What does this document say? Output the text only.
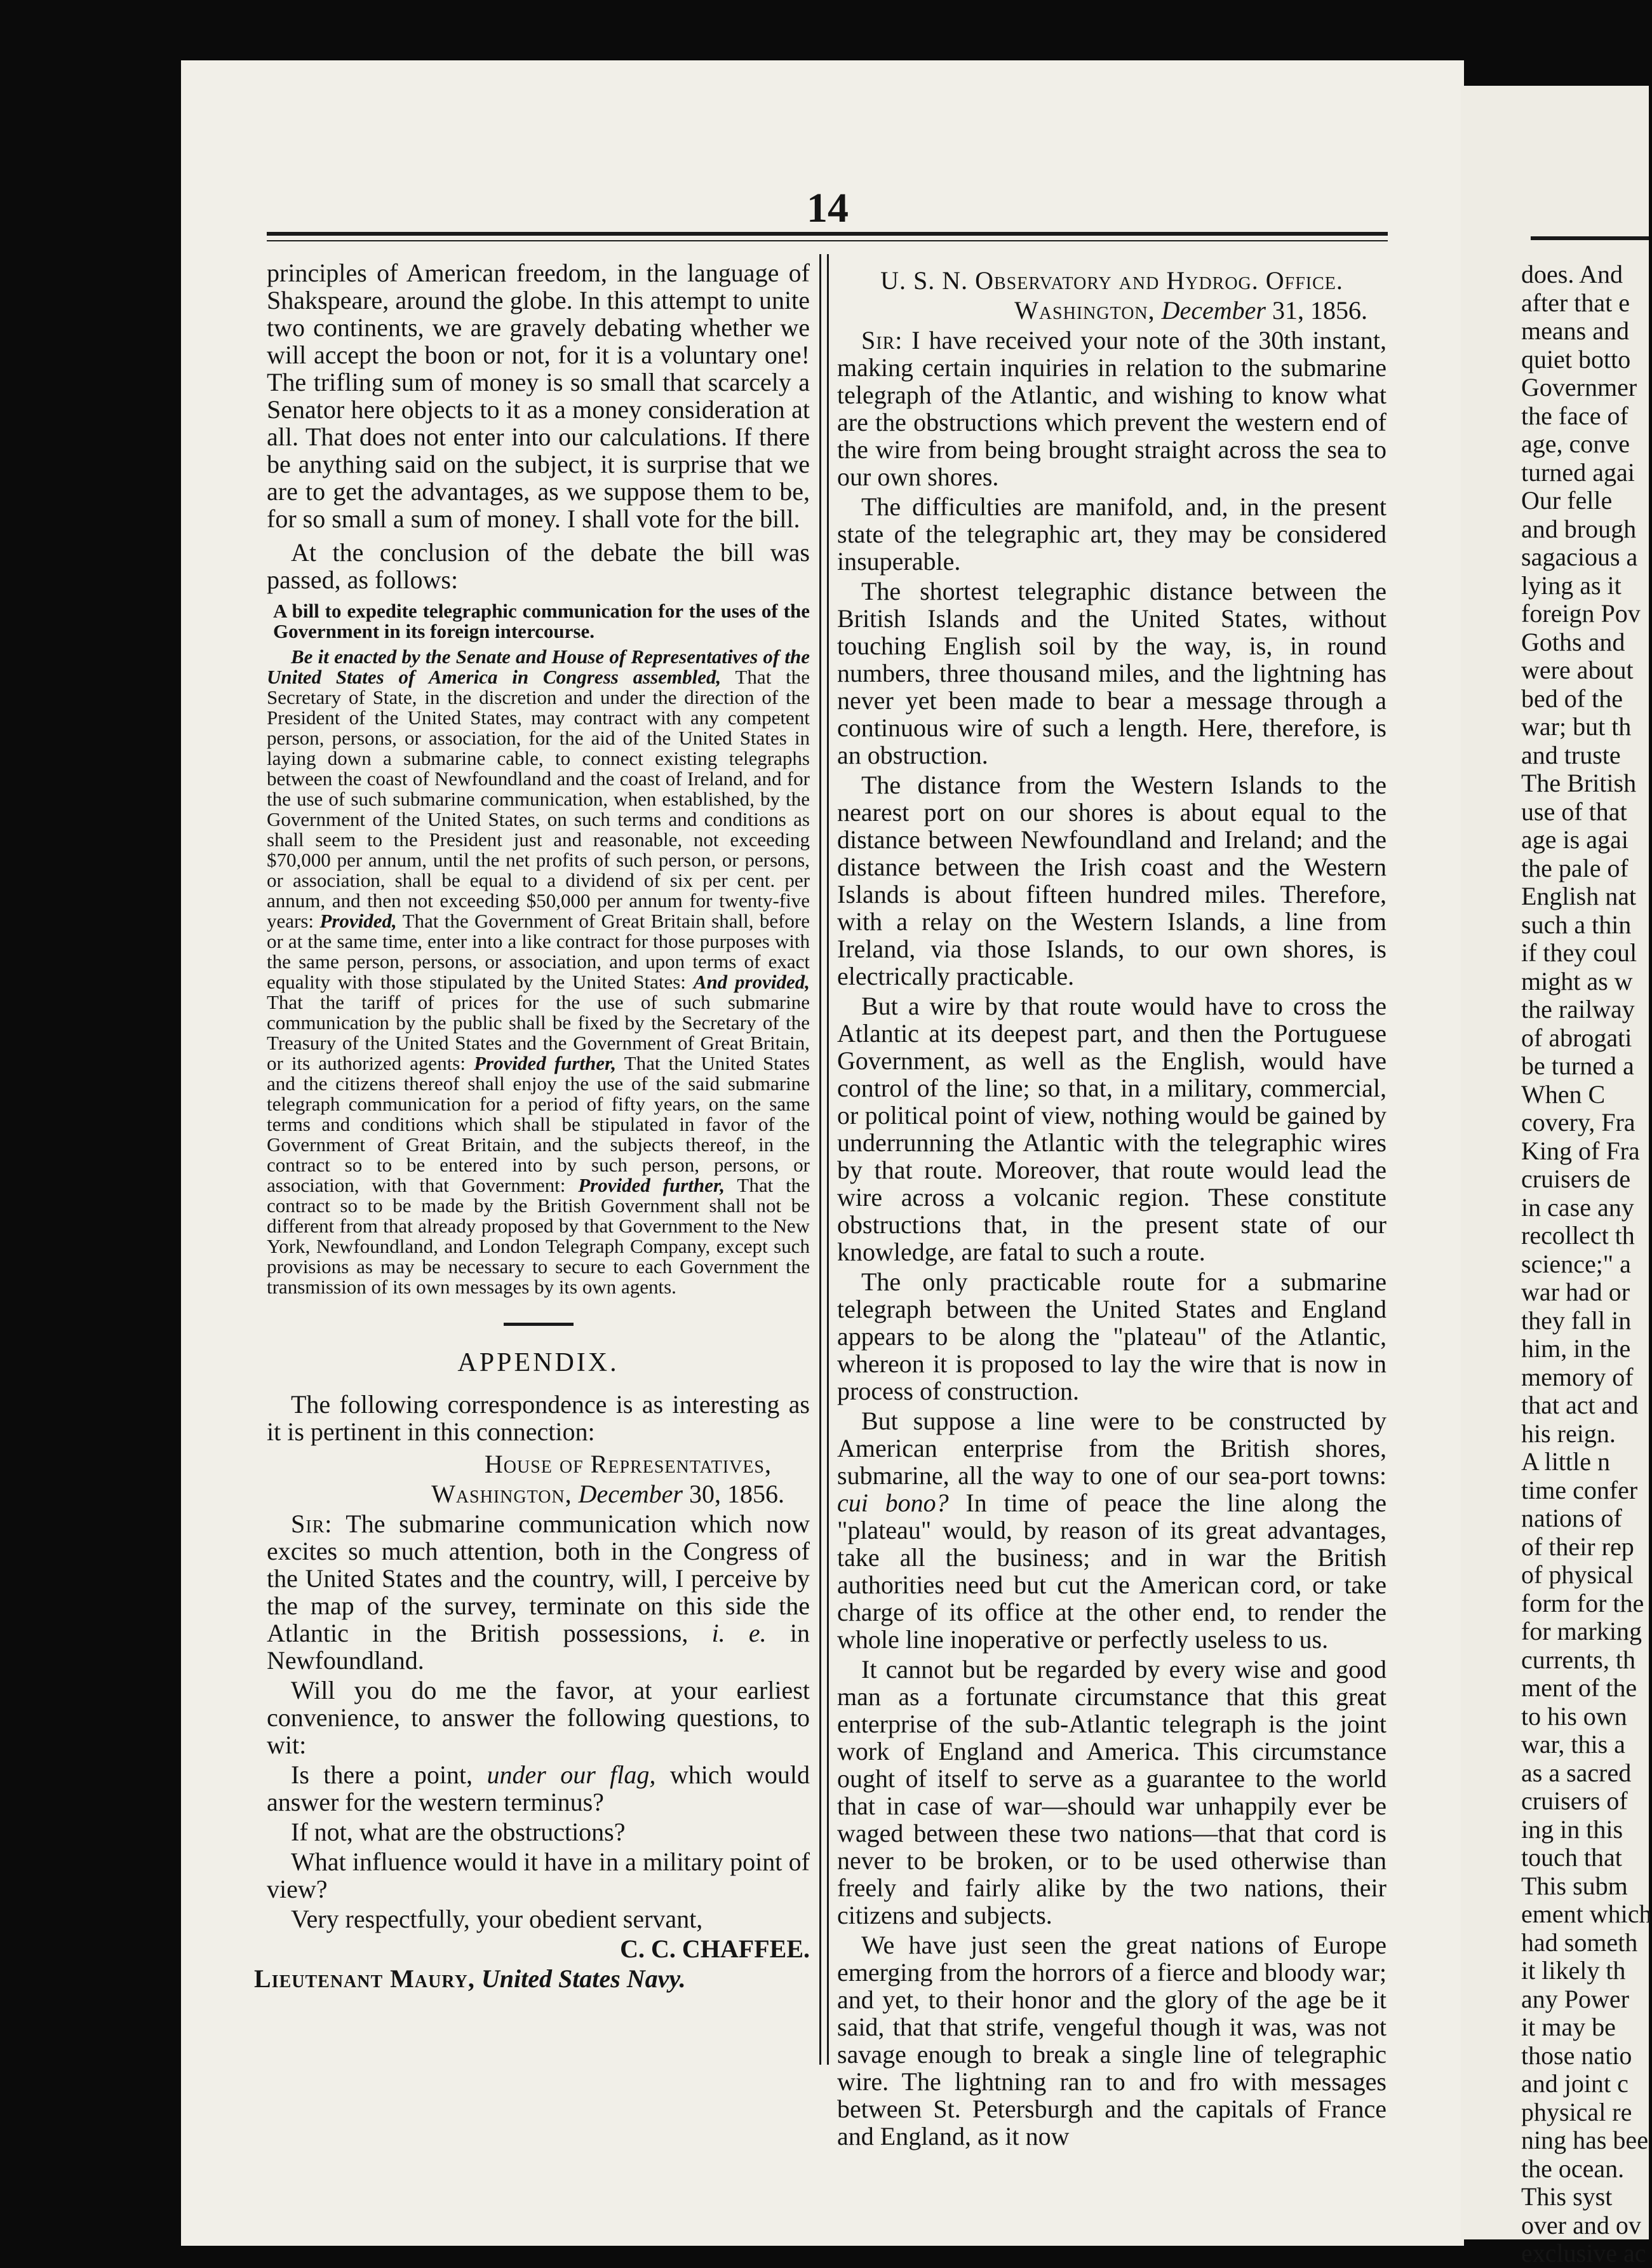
does. And

after that e

means and

quiet botto

Governmer

the face of

age, conve

turned agai

Our felle

and brough

sagacious a

lying as it

foreign Pov

Goths and

were about

bed of the

war; but th

and truste

The British

use of that

age is agai

the pale of

English nat

such a thin

if they coul

might as w

the railway

of abrogati

be turned a

When C

covery, Fra

King of Fra

cruisers de

in case any

recollect th

science;" a

war had or

they fall in

him, in the

memory of

that act and

his reign.

A little n

time confer

nations of

of their rep

of physical

form for the

for marking

currents, th

ment of the

to his own

war, this a

as a sacred

cruisers of

ing in this

touch that

This subm

ement which

had someth

it likely th

any Power

it may be

those natio

and joint c

physical re

ning has bee

the ocean.

This syst

over and ov

exclusive ac

14

principles of American freedom, in the language of Shakspeare, around the globe. In this attempt to unite two continents, we are gravely debating whether we will accept the boon or not, for it is a voluntary one! The trifling sum of money is so small that scarcely a Senator here objects to it as a money consideration at all. That does not enter into our calculations. If there be anything said on the subject, it is surprise that we are to get the advantages, as we suppose them to be, for so small a sum of money. I shall vote for the bill.

At the conclusion of the debate the bill was passed, as follows:

A bill to expedite telegraphic communication for the uses of the Government in its foreign intercourse.

Be it enacted by the Senate and House of Representatives of the United States of America in Congress assembled, That the Secretary of State, in the discretion and under the direction of the President of the United States, may contract with any competent person, persons, or association, for the aid of the United States in laying down a submarine cable, to connect existing telegraphs between the coast of Newfoundland and the coast of Ireland, and for the use of such submarine communication, when established, by the Government of the United States, on such terms and conditions as shall seem to the President just and reasonable, not exceeding $70,000 per annum, until the net profits of such person, or persons, or association, shall be equal to a dividend of six per cent. per annum, and then not exceeding $50,000 per annum for twenty-five years: Provided, That the Government of Great Britain shall, before or at the same time, enter into a like contract for those purposes with the same person, persons, or association, and upon terms of exact equality with those stipulated by the United States: And provided, That the tariff of prices for the use of such submarine communication by the public shall be fixed by the Secretary of the Treasury of the United States and the Government of Great Britain, or its authorized agents: Provided further, That the United States and the citizens thereof shall enjoy the use of the said submarine telegraph communication for a period of fifty years, on the same terms and conditions which shall be stipulated in favor of the Government of Great Britain, and the subjects thereof, in the contract so to be entered into by such person, persons, or association, with that Government: Provided further, That the contract so to be made by the British Government shall not be different from that already proposed by that Government to the New York, Newfoundland, and London Telegraph Company, except such provisions as may be necessary to secure to each Government the transmission of its own messages by its own agents.

APPENDIX.

The following correspondence is as interesting as it is pertinent in this connection:

House of Representatives,

Washington, December 30, 1856.

Sir: The submarine communication which now excites so much attention, both in the Congress of the United States and the country, will, I perceive by the map of the survey, terminate on this side the Atlantic in the British possessions, i. e. in Newfoundland.

Will you do me the favor, at your earliest convenience, to answer the following questions, to wit:

Is there a point, under our flag, which would answer for the western terminus?

If not, what are the obstructions?

What influence would it have in a military point of view?

Very respectfully, your obedient servant,

C. C. CHAFFEE.

Lieutenant Maury, United States Navy.

U. S. N. Observatory and Hydrog. Office.

Washington, December 31, 1856.

Sir: I have received your note of the 30th instant, making certain inquiries in relation to the submarine telegraph of the Atlantic, and wishing to know what are the obstructions which prevent the western end of the wire from being brought straight across the sea to our own shores.

The difficulties are manifold, and, in the present state of the telegraphic art, they may be considered insuperable.

The shortest telegraphic distance between the British Islands and the United States, without touching English soil by the way, is, in round numbers, three thousand miles, and the lightning has never yet been made to bear a message through a continuous wire of such a length. Here, therefore, is an obstruction.

The distance from the Western Islands to the nearest port on our shores is about equal to the distance between Newfoundland and Ireland; and the distance between the Irish coast and the Western Islands is about fifteen hundred miles. Therefore, with a relay on the Western Islands, a line from Ireland, via those Islands, to our own shores, is electrically practicable.

But a wire by that route would have to cross the Atlantic at its deepest part, and then the Portuguese Government, as well as the English, would have control of the line; so that, in a military, commercial, or political point of view, nothing would be gained by underrunning the Atlantic with the telegraphic wires by that route. Moreover, that route would lead the wire across a volcanic region. These constitute obstructions that, in the present state of our knowledge, are fatal to such a route.

The only practicable route for a submarine telegraph between the United States and England appears to be along the "plateau" of the Atlantic, whereon it is proposed to lay the wire that is now in process of construction.

But suppose a line were to be constructed by American enterprise from the British shores, submarine, all the way to one of our sea-port towns: cui bono? In time of peace the line along the "plateau" would, by reason of its great advantages, take all the business; and in war the British authorities need but cut the American cord, or take charge of its office at the other end, to render the whole line inoperative or perfectly useless to us.

It cannot but be regarded by every wise and good man as a fortunate circumstance that this great enterprise of the sub-Atlantic telegraph is the joint work of England and America. This circumstance ought of itself to serve as a guarantee to the world that in case of war—should war unhappily ever be waged between these two nations—that that cord is never to be broken, or to be used otherwise than freely and fairly alike by the two nations, their citizens and subjects.

We have just seen the great nations of Europe emerging from the horrors of a fierce and bloody war; and yet, to their honor and the glory of the age be it said, that that strife, vengeful though it was, was not savage enough to break a single line of telegraphic wire. The lightning ran to and fro with messages between St. Petersburgh and the capitals of France and England, as it now
